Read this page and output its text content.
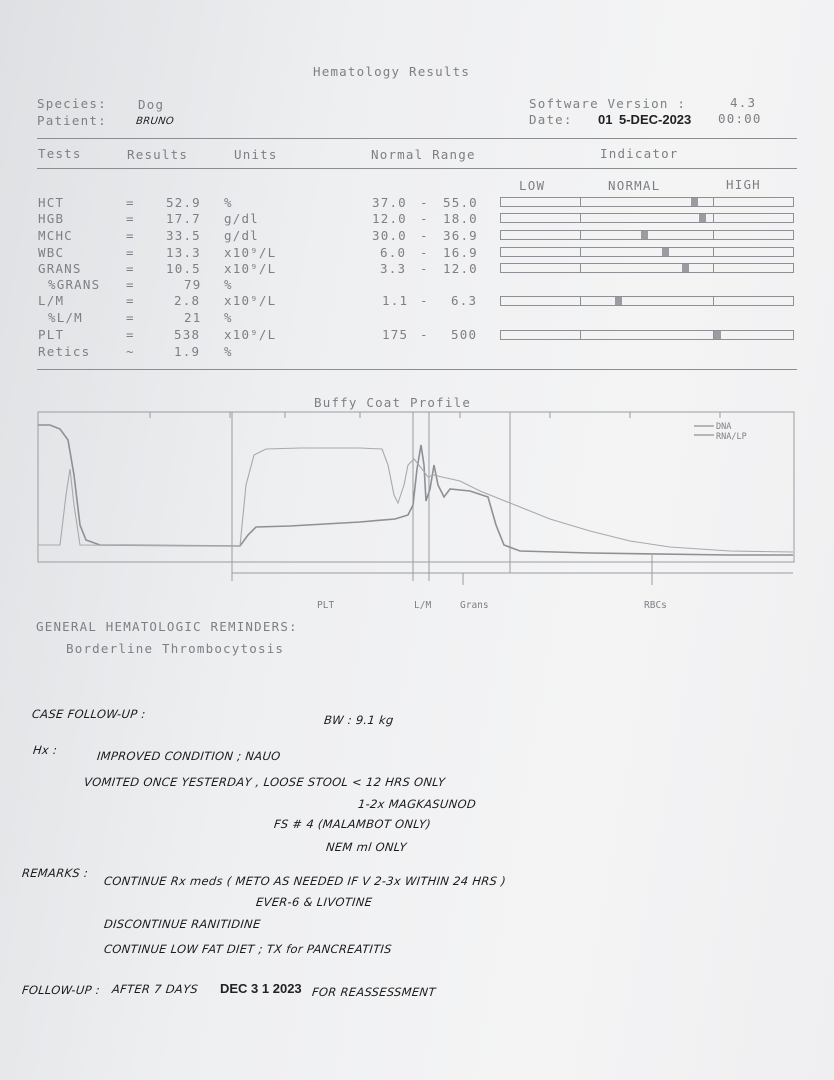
Hematology Results
Species: Dog
Patient:	BRUNO
Software Version :	4.3
Date: 01 5-DEC-2023 00:00
Tests	Results	Units	Normal Range	Indicator
LOW	NORMAL	HIGH
HCT	=	52.9 %	37.0 - 55.0
HGB	=	17.7 g/dl	12.0 - 18.0
MCHC	=	33.5 g/dl	30.0 - 36.9
WBC	=	13.3 x10⁹/L	6.0 - 16.9
GRANS	=	10.5 x10⁹/L	3.3 - 12.0
%GRANS =	79 %
L/M	=	2.8 x10⁹/L	1.1 - 6.3
%L/M	=	21 %
PLT	=	538 x10⁹/L	175 - 500
Retics	~	1.9 %
Buffy Coat Profile
DNA
RNA/LP
PLT	L/M	Grans	RBCs
GENERAL HEMATOLOGIC REMINDERS:
Borderline Thrombocytosis
CASE FOLLOW-UP :	BW : 9.1 kg
Hx :	IMPROVED CONDITION ; NAUO
VOMITED ONCE YESTERDAY , LOOSE STOOL < 12 HRS ONLY
1-2x MAGKASUNOD
FS # 4 (MALAMBOT ONLY)
NEM ml ONLY
REMARKS :
CONTINUE Rx meds ( METO AS NEEDED IF V 2-3x WITHIN 24 HRS )
EVER-6 & LIVOTINE
DISCONTINUE RANITIDINE
CONTINUE LOW FAT DIET ; TX for PANCREATITIS
FOLLOW-UP : AFTER 7 DAYS DEC 3 1 2023 FOR REASSESSMENT
